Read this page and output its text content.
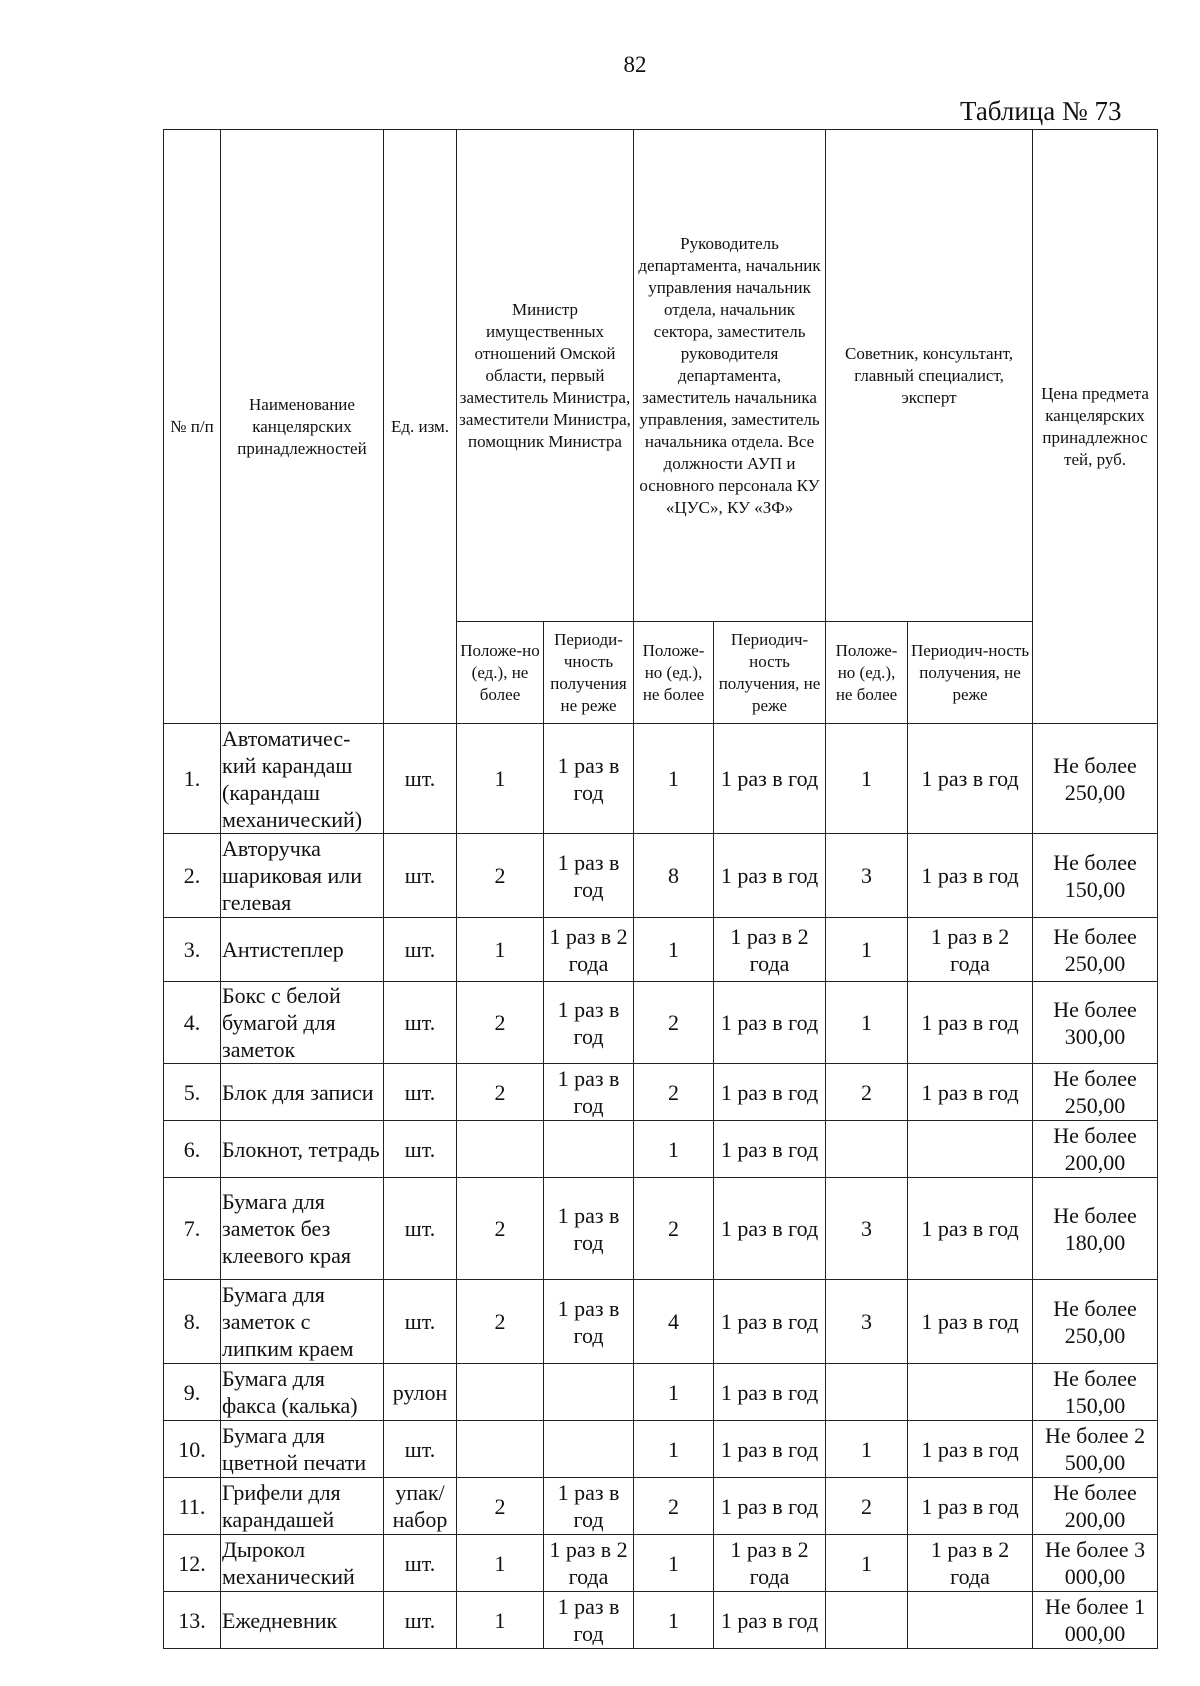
82
Таблица № 73
№ п/п	Наименование канцелярских принадлежностей	Ед. изм.	Министр имущественных отношений Омской области, первый заместитель Министра, заместители Министра, помощник Министра		Руководитель департамента, начальник управления начальник отдела, начальник сектора, заместитель руководителя департамента, заместитель начальника управления, заместитель начальника отдела. Все должности АУП и основного персонала КУ «ЦУС», КУ «ЗФ»		Советник, консультант, главный специалист, эксперт		Цена предмета канцелярских принадлежнос тей, руб.
			Положе-но (ед.), не более	Периоди-чность получения не реже	Положе-но (ед.), не более	Периодич-ность получения, не реже	Положе-но (ед.), не более	Периодич-ность получения, не реже	
1.	Автоматичес-кий карандаш (карандаш механический)	шт.	1	1 раз в год	1	1 раз в год	1	1 раз в год	Не более 250,00
2.	Авторучка шариковая или гелевая	шт.	2	1 раз в год	8	1 раз в год	3	1 раз в год	Не более 150,00
3.	Антистеплер	шт.	1	1 раз в 2 года	1	1 раз в 2 года	1	1 раз в 2 года	Не более 250,00
4.	Бокс с белой бумагой для заметок	шт.	2	1 раз в год	2	1 раз в год	1	1 раз в год	Не более 300,00
5.	Блок для записи	шт.	2	1 раз в год	2	1 раз в год	2	1 раз в год	Не более 250,00
6.	Блокнот, тетрадь	шт.			1	1 раз в год			Не более 200,00
7.	Бумага для заметок без клеевого края	шт.	2	1 раз в год	2	1 раз в год	3	1 раз в год	Не более 180,00
8.	Бумага для заметок с липким краем	шт.	2	1 раз в год	4	1 раз в год	3	1 раз в год	Не более 250,00
9.	Бумага для факса (калька)	рулон			1	1 раз в год			Не более 150,00
10.	Бумага для цветной печати	шт.			1	1 раз в год	1	1 раз в год	Не более 2 500,00
11.	Грифели для карандашей	упак/ набор	2	1 раз в год	2	1 раз в год	2	1 раз в год	Не более 200,00
12.	Дырокол механический	шт.	1	1 раз в 2 года	1	1 раз в 2 года	1	1 раз в 2 года	Не более 3 000,00
13.	Ежедневник	шт.	1	1 раз в год	1	1 раз в год			Не более 1 000,00
